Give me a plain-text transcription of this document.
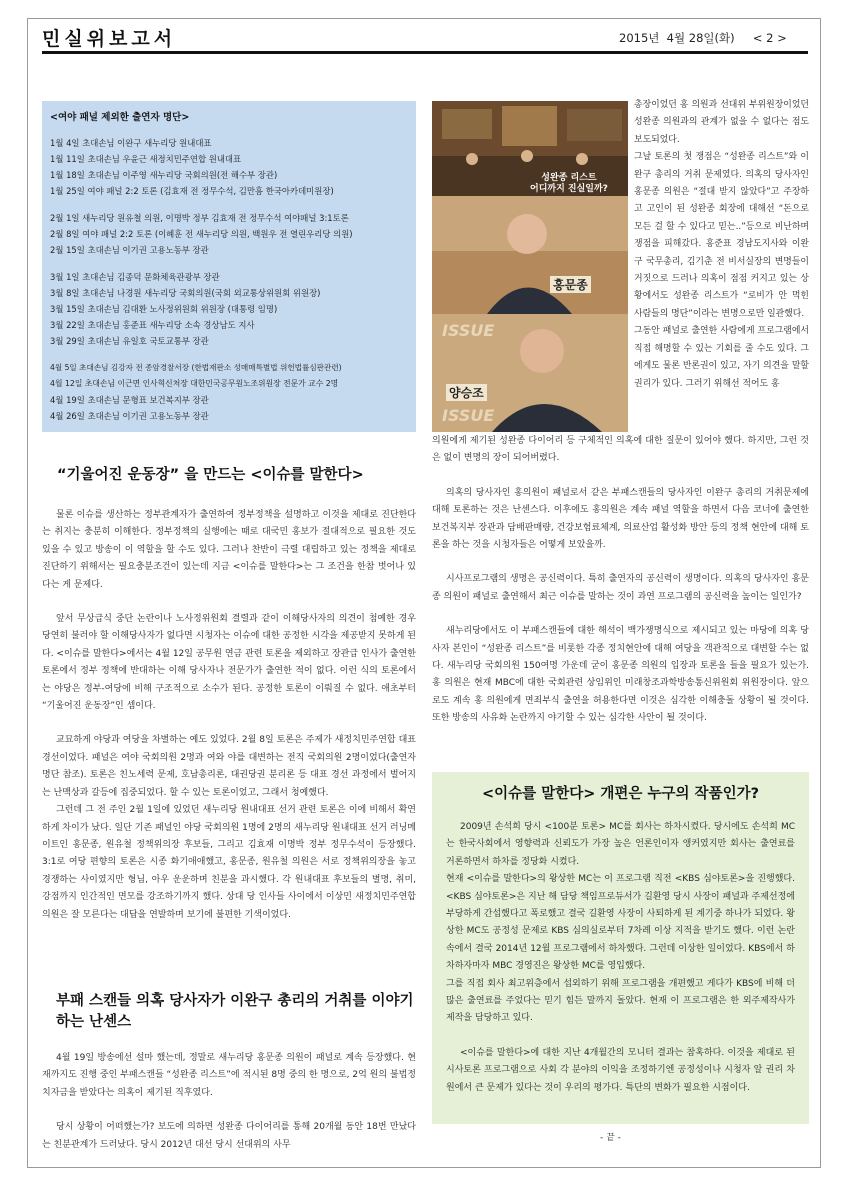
민실위보고서	2015년  4월 28일(화) < 2 >
<여야 패널 제외한 출연자 명단>
1월 4일 초대손님 이완구 새누리당 원내대표
1월 11일 초대손님 우윤근 새정치민주연합 원내대표
1월 18일 초대손님 이주영 새누리당 국회의원(전 해수부 장관)
1월 25일 여야 패널 2:2 토론 (김효재 전 정무수석, 김만흠 한국아카데미원장)
2월 1일 새누리당 원유철 의원, 이명박 정부 김효재 전 정무수석 여야패널 3:1토론
2월 8일 여야 패널 2:2 토론 (이혜훈 전 새누리당 의원, 백원우 전 열린우리당 의원)
2월 15일 초대손님 이기권 고용노동부 장관
3월 1일 초대손님 김종덕 문화체육관광부 장관
3월 8일 초대손님 나경원 새누리당 국회의원(국회 외교통상위원회 위원장)
3월 15일 초대손님 김대환 노사정위원회 위원장 (대통령 임명)
3월 22일 초대손님 홍준표 새누리당 소속 경상남도 지사
3월 29일 초대손님 유일호 국토교통부 장관
4월 5일 초대손님 김강자 전 종암경찰서장 (한법재판소 성매매특별법 위헌법률심판관련)
4월 12일 초대손님 이근면 인사혁신처장 대한민국공무원노조위원장 전문가 교수 2명
4월 19일 초대손님 문형표 보건복지부 장관
4월 26일 초대손님 이기권 고용노동부 장관
“기울어진 운동장” 을 만드는 <이슈를 말한다>

물론 이슈를 생산하는 정부관계자가 출연하여 정부정책을 설명하고 이것을 제대로 진단한다는 취지는 충분히 이해한다. 정부정책의 실행에는 때로 대국민 홍보가 절대적으로 필요한 것도 있을 수 있고 방송이 이 역할을 할 수도 있다. 그러나 찬반이 극렬 대립하고 있는 정책을 제대로 진단하기 위해서는 필요충분조건이 있는데 지금 <이슈를 말한다>는 그 조건을 한참 벗어나 있다는 게 문제다.

앞서 무상급식 중단 논란이나 노사정위원회 결렬과 같이 이해당사자의 의견이 첨예한 경우 당연히 불러야 할 이해당사자가 없다면 시청자는 이슈에 대한 공정한 시각을 제공받지 못하게 된다. <이슈를 말한다>에서는 4월 12일 공무원 연금 관련 토론을 제외하고 장관급 인사가 출연한 토론에서 정부 정책에 반대하는 이해 당사자나 전문가가 출연한 적이 없다. 이런 식의 토론에서는 야당은 정부-여당에 비해 구조적으로 소수가 된다. 공정한 토론이 이뤄질 수 없다. 애초부터 “기울어진 운동장”인 셈이다.

교묘하게 야당과 여당을 차별하는 예도 있었다. 2월 8일 토론은 주제가 새정치민주연합 대표경선이었다. 패널은 여야 국회의원 2명과 여와 야를 대변하는 전직 국회의원 2명이었다(출연자 명단 참조). 토론은 친노세력 문제, 호남총리론, 대권당권 분리론 등 대표 경선 과정에서 벌어지는 난맥상과 갈등에 집중되었다. 할 수 있는 토론이었고, 그래서 청예했다.

그런데 그 전 주인 2월 1일에 있었던 새누리당 원내대표 선거 관련 토론은 이에 비해서 확연하게 차이가 났다. 일단 기존 패널인 야당 국회의원 1명에 2명의 새누리당 원내대표 선거 러닝메이트인 홍문종, 원유철 정책위의장 후보들, 그리고 김효재 이명박 정부 정무수석이 등장했다. 3:1로 여당 편향의 토론은 시종 화기애애했고, 홍문종, 원유철 의원은 서로 정책위의장을 놓고 경쟁하는 사이였지만 형님, 아우 운운하며 친분을 과시했다. 각 원내대표 후보들의 별명, 취미, 강점까지 인간적인 면모를 강조하기까지 했다. 상대 당 인사들 사이에서 이상민 새정치민주연합 의원은 잘 모른다는 대답을 연발하며 보기에 불편한 기색이었다.

부패 스캔들 의혹 당사자가 이완구 총리의 거취를 이야기하는 난센스

4월 19일 방송에선 설마 했는데, 정말로 새누리당 홍문종 의원이 패널로 계속 등장했다. 현재까지도 진행 중인 부패스캔들 “성완종 리스트”에 적시된 8명 중의 한 명으로, 2억 원의 불법정치자금을 받았다는 의혹이 제기된 직후였다.

당시 상황이 어떠했는가? 보도에 의하면 성완종 다이어리를 통해 20개월 동안 18번 만났다는 친분관계가 드러났다. 당시 2012년 대선 당시 선대위의 사무

성완종 리스트
어디까지 진실일까?
홍문종
ISSUE
양승조
ISSUE

총장이었던 홍 의원과 선대위 부위원장이었던 성완종 의원과의 관계가 없을 수 없다는 점도 보도되었다.
그날 토론의 첫 쟁점은 “성완종 리스트”와 이완구 총리의 거취 문제였다. 의혹의 당사자인 홍문종 의원은 “절대 받지 않았다”고 주장하고 고인이 된 성완종 회장에 대해선 “돈으로 모든 걸 할 수 있다고 믿는..”등으로 비난하며 쟁점을 피해갔다. 홍준표 경남도지사와 이완구 국무총리, 김기춘 전 비서실장의 변명들이 거짓으로 드러나 의혹이 점점 커지고 있는 상황에서도 성완종 리스트가 “로비가 안 먹힌 사람들의 명단”이라는 변명으로만 일관했다.
그동안 패널로 출연한 사람에게 프로그램에서 직접 해명할 수 있는 기회를 줄 수도 있다. 그에게도 물론 반론권이 있고, 자기 의견을 말할 권리가 있다. 그러기 위해선 적어도 홍

의원에게 제기된 성완종 다이어리 등 구체적인 의혹에 대한 질문이 있어야 했다. 하지만, 그런 것은 없이 변명의 장이 되어버렸다.

의혹의 당사자인 홍의원이 패널로서 같은 부패스캔들의 당사자인 이완구 총리의 거취문제에 대해 토론하는 것은 난센스다. 이후에도 홍의원은 계속 패널 역할을 하면서 다음 코너에 출연한 보건복지부 장관과 담배판매량, 건강보험료체계, 의료산업 활성화 방안 등의 정책 현안에 대해 토론을 하는 것을 시청자들은 어떻게 보았을까.

시사프로그램의 생명은 공신력이다. 특히 출연자의 공신력이 생명이다. 의혹의 당사자인 홍문종 의원이 패널로 출연해서 최근 이슈를 말하는 것이 과연 프로그램의 공신력을 높이는 일인가?

새누리당에서도 이 부패스캔들에 대한 해석이 백가쟁명식으로 제시되고 있는 마당에 의혹 당사자 본인이 “성완종 리스트”를 비롯한 각종 정치현안에 대해 여당을 객관적으로 대변할 수는 없다. 새누리당 국회의원 150여명 가운데 굳이 홍문종 의원의 입장과 토론을 들을 필요가 있는가. 홍 의원은 현재 MBC에 대한 국회관련 상임위인 미래창조과학방송통신위원회 위원장이다. 앞으로도 계속 홍 의원에게 면죄부식 출연을 허용한다면 이것은 심각한 이해충돌 상황이 될 것이다. 또한 방송의 사유화 논란까지 야기할 수 있는 심각한 사안이 될 것이다.

<이슈를 말한다> 개편은 누구의 작품인가?

2009년 손석희 당시 <100분 토론> MC를 회사는 하차시켰다. 당시에도 손석희 MC는 한국사회에서 영향력과 신뢰도가 가장 높은 언론인이자 앵커였지만 회사는 출연료를 거론하면서 하차를 정당화 시켰다.
현재 <이슈를 말한다>의 왕상한 MC는 이 프로그램 직전 <KBS 심야토론>을 진행했다. <KBS 심야토론>은 지난 해 담당 책임프로듀서가 길환영 당시 사장이 패널과 주제선정에 부당하게 간섭했다고 폭로했고 결국 길환영 사장이 사퇴하게 된 계기중 하나가 되었다. 왕상한 MC도 공정성 문제로 KBS 심의실로부터 7차례 이상 지적을 받기도 했다. 이런 논란 속에서 결국 2014년 12월 프로그램에서 하차했다. 그런데 이상한 일이었다. KBS에서 하차하자마자 MBC 경영진은 왕상한 MC를 영입했다.
그를 직접 회사 최고위층에서 섭외하기 위해 프로그램을 개편했고 게다가 KBS에 비해 더 많은 출연료를 주었다는 믿기 힘든 말까지 돌았다. 현재 이 프로그램은 한 외주제작사가 제작을 담당하고 있다.

<이슈를 말한다>에 대한 지난 4개월간의 모니터 결과는 참혹하다. 이것을 제대로 된 시사토론 프로그램으로 사회 각 분야의 이익을 조정하기엔 공정성이나 시청자 알 권리 차원에서 큰 문제가 있다는 것이 우리의 평가다. 특단의 변화가 필요한 시점이다.

- 끝 -
